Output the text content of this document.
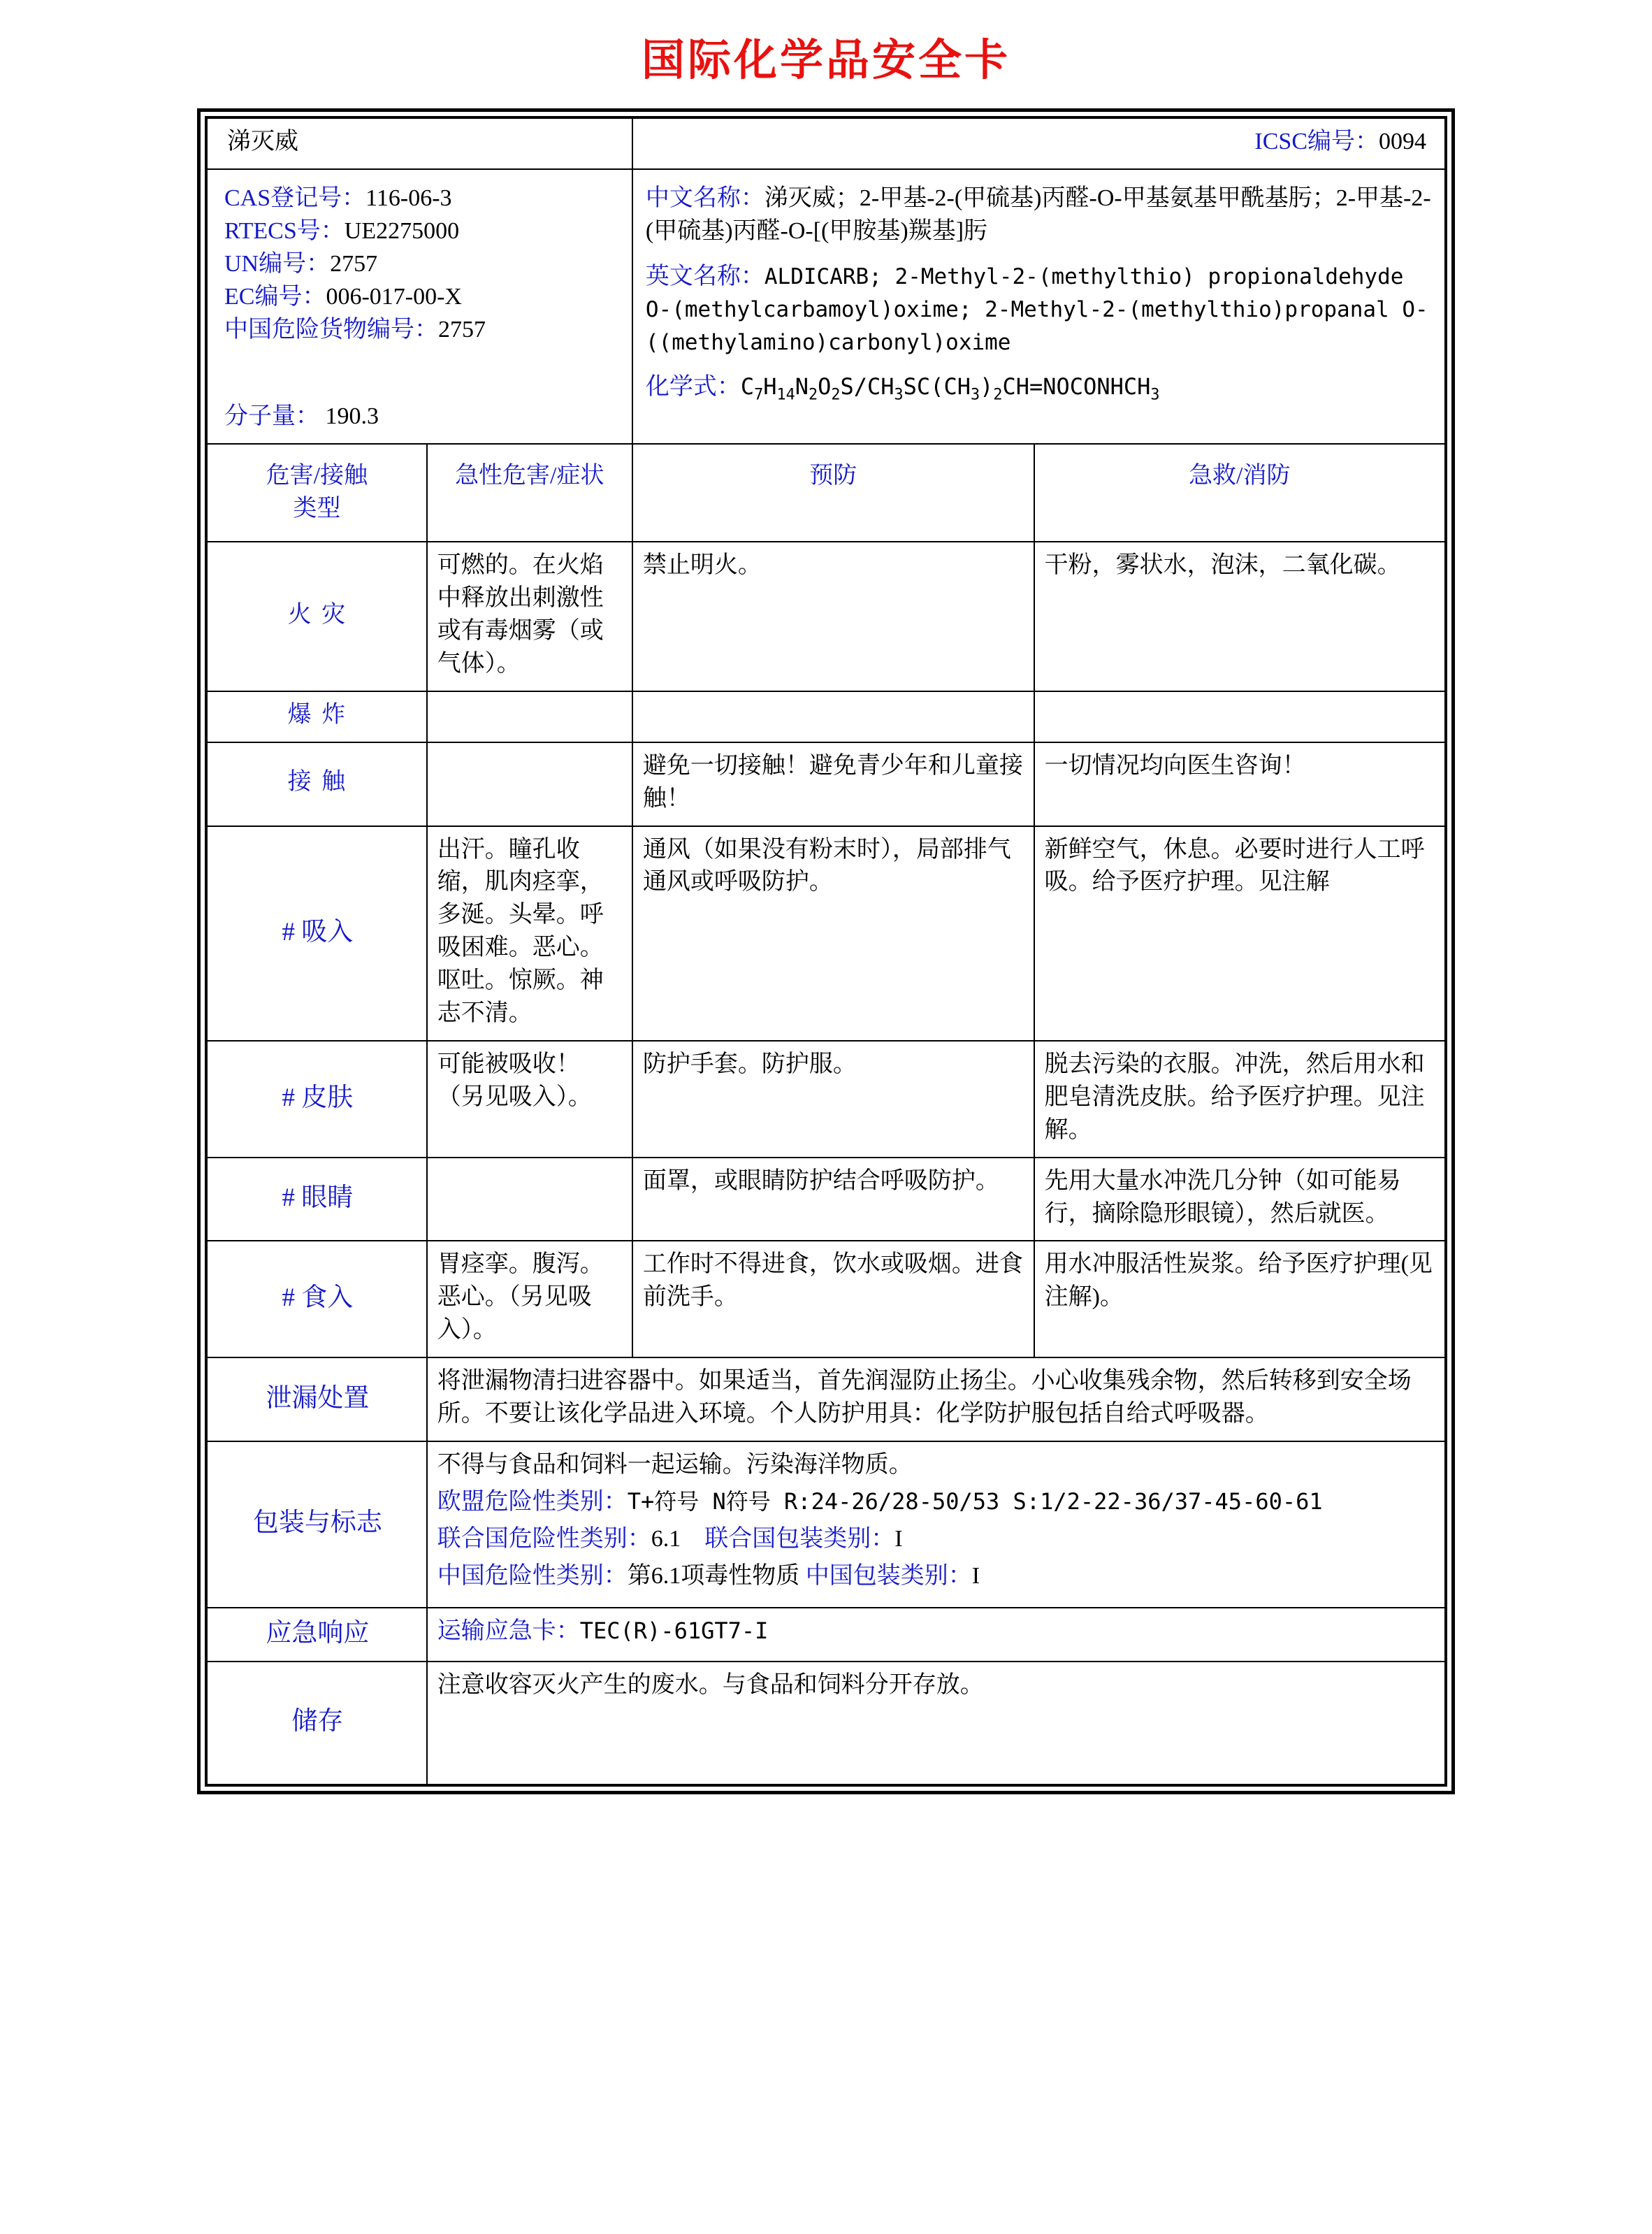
国际化学品安全卡
涕灭威		ICSC编号：0094	

CAS登记号：116-06-3
RTECS号：UE2275000
UN编号：2757
EC编号：006-017-00-X
中国危险货物编号：2757
分子量： 190.3

中文名称：涕灭威；2-甲基-2-(甲硫基)丙醛-O-甲基氨基甲酰基肟；2-甲基-2-(甲硫基)丙醛-O-[(甲胺基)羰基]肟
英文名称：ALDICARB; 2-Methyl-2-(methylthio) propionaldehyde O-(methylcarbamoyl)oxime; 2-Methyl-2-(methylthio)propanal O-((methylamino)carbonyl)oxime
化学式：$C_7H_{14}N_2O_2S/CH_3SC(CH_3)_2CH=NOCONHCH_3$

危害/接触
类型	急性危害/症状	预防	急救/消防
火 灾	可燃的。在火焰中释放出刺激性或有毒烟雾（或气体）。	禁止明火。	干粉，雾状水，泡沫，二氧化碳。
爆 炸			
接 触		避免一切接触！避免青少年和儿童接触！	一切情况均向医生咨询！
# 吸入	出汗。瞳孔收缩，肌肉痉挛，多涎。头晕。呼吸困难。恶心。呕吐。惊厥。神志不清。	通风（如果没有粉末时），局部排气通风或呼吸防护。	新鲜空气，休息。必要时进行人工呼吸。给予医疗护理。见注解
# 皮肤	可能被吸收！（另见吸入）。	防护手套。防护服。	脱去污染的衣服。冲洗，然后用水和肥皂清洗皮肤。给予医疗护理。见注解。
# 眼睛		面罩，或眼睛防护结合呼吸防护。	先用大量水冲洗几分钟（如可能易行，摘除隐形眼镜），然后就医。
# 食入	胃痉挛。腹泻。恶心。（另见吸入）。	工作时不得进食，饮水或吸烟。进食前洗手。	用水冲服活性炭浆。给予医疗护理(见注解)。
泄漏处置	将泄漏物清扫进容器中。如果适当，首先润湿防止扬尘。小心收集残余物，然后转移到安全场所。不要让该化学品进入环境。个人防护用具：化学防护服包括自给式呼吸器。		
包装与标志	不得与食品和饲料一起运输。污染海洋物质。
欧盟危险性类别：T+符号 N符号 R:24-26/28-50/53 S:1/2-22-36/37-45-60-61
联合国危险性类别：6.1 联合国包装类别：I
中国危险性类别：第6.1项毒性物质 中国包装类别：I		

应急响应	运输应急卡：TEC(R)-61GT7-I		
储存	注意收容灭火产生的废水。与食品和饲料分开存放。		
